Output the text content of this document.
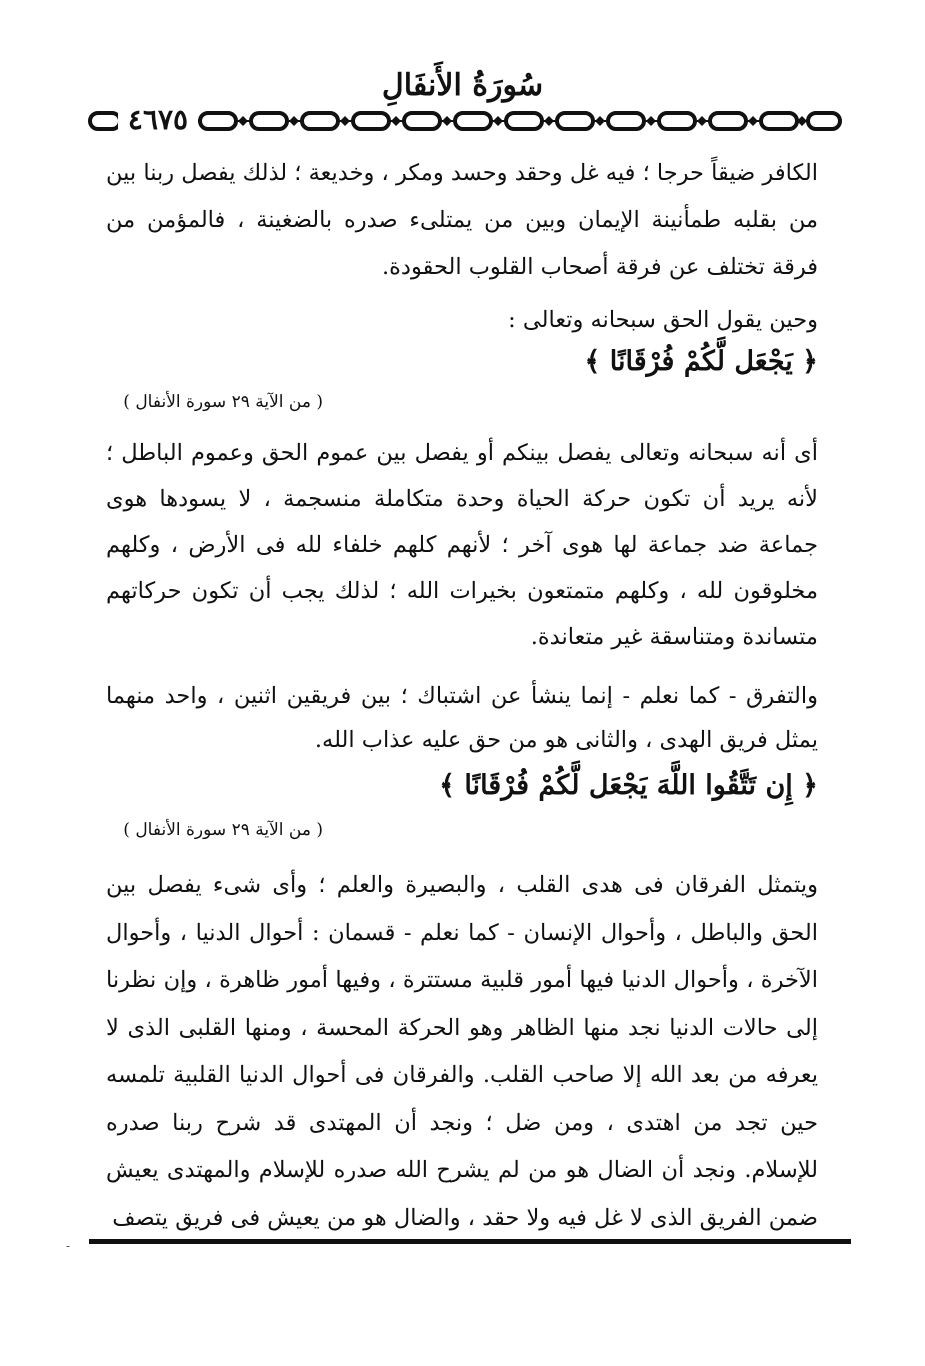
سُورَةُ الأَنفَالِ
٤٦٧٥
الكافر ضيقاً حرجا ؛ فيه غل وحقد وحسد ومكر ، وخديعة ؛ لذلك يفصل ربنا بين من بقلبه طمأنينة الإيمان وبين من يمتلىء صدره بالضغينة ، فالمؤمن من فرقة تختلف عن فرقة أصحاب القلوب الحقودة.
وحين يقول الحق سبحانه وتعالى :
﴿ يَجْعَل لَّكُمْ فُرْقَانًا ﴾
( من الآية ٢٩ سورة الأنفال )
أى أنه سبحانه وتعالى يفصل بينكم أو يفصل بين عموم الحق وعموم الباطل ؛ لأنه يريد أن تكون حركة الحياة وحدة متكاملة منسجمة ، لا يسودها هوى جماعة ضد جماعة لها هوى آخر ؛ لأنهم كلهم خلفاء لله فى الأرض ، وكلهم مخلوقون لله ، وكلهم متمتعون بخيرات الله ؛ لذلك يجب أن تكون حركاتهم متساندة ومتناسقة غير متعاندة.
والتفرق - كما نعلم - إنما ينشأ عن اشتباك ؛ بين فريقين اثنين ، واحد منهما يمثل فريق الهدى ، والثانى هو من حق عليه عذاب الله.
﴿ إِن تَتَّقُوا اللَّهَ يَجْعَل لَّكُمْ فُرْقَانًا ﴾
( من الآية ٢٩ سورة الأنفال )
ويتمثل الفرقان فى هدى القلب ، والبصيرة والعلم ؛ وأى شىء يفصل بين الحق والباطل ، وأحوال الإنسان - كما نعلم - قسمان : أحوال الدنيا ، وأحوال الآخرة ، وأحوال الدنيا فيها أمور قلبية مستترة ، وفيها أمور ظاهرة ، وإن نظرنا إلى حالات الدنيا نجد منها الظاهر وهو الحركة المحسة ، ومنها القلبى الذى لا يعرفه من بعد الله إلا صاحب القلب. والفرقان فى أحوال الدنيا القلبية تلمسه حين تجد من اهتدى ، ومن ضل ؛ ونجد أن المهتدى قد شرح ربنا صدره للإسلام. ونجد أن الضال هو من لم يشرح الله صدره للإسلام والمهتدى يعيش ضمن الفريق الذى لا غل فيه ولا حقد ، والضال هو من يعيش فى فريق يتصف
-
